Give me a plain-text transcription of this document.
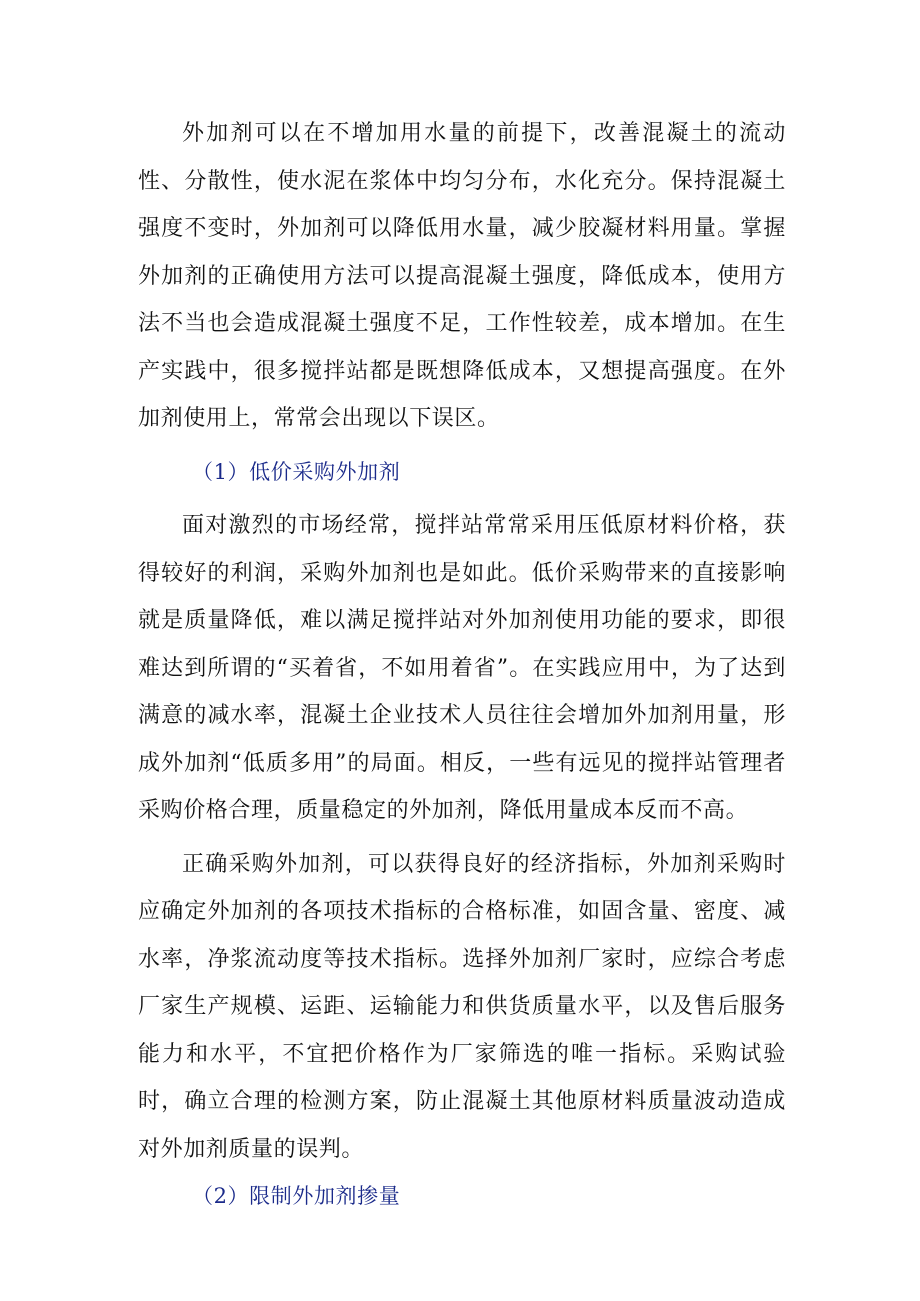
外加剂可以在不增加用水量的前提下，改善混凝土的流动性、分散性，使水泥在浆体中均匀分布，水化充分。保持混凝土强度不变时，外加剂可以降低用水量，减少胶凝材料用量。掌握外加剂的正确使用方法可以提高混凝土强度，降低成本，使用方法不当也会造成混凝土强度不足，工作性较差，成本增加。在生产实践中，很多搅拌站都是既想降低成本，又想提高强度。在外加剂使用上，常常会出现以下误区。

（1）低价采购外加剂

面对激烈的市场经常，搅拌站常常采用压低原材料价格，获得较好的利润，采购外加剂也是如此。低价采购带来的直接影响就是质量降低，难以满足搅拌站对外加剂使用功能的要求，即很难达到所谓的“买着省，不如用着省”。在实践应用中，为了达到满意的减水率，混凝土企业技术人员往往会增加外加剂用量，形成外加剂“低质多用”的局面。相反，一些有远见的搅拌站管理者采购价格合理，质量稳定的外加剂，降低用量成本反而不高。

正确采购外加剂，可以获得良好的经济指标，外加剂采购时应确定外加剂的各项技术指标的合格标准，如固含量、密度、减水率，净浆流动度等技术指标。选择外加剂厂家时，应综合考虑厂家生产规模、运距、运输能力和供货质量水平，以及售后服务能力和水平，不宜把价格作为厂家筛选的唯一指标。采购试验时，确立合理的检测方案，防止混凝土其他原材料质量波动造成对外加剂质量的误判。

（2）限制外加剂掺量
